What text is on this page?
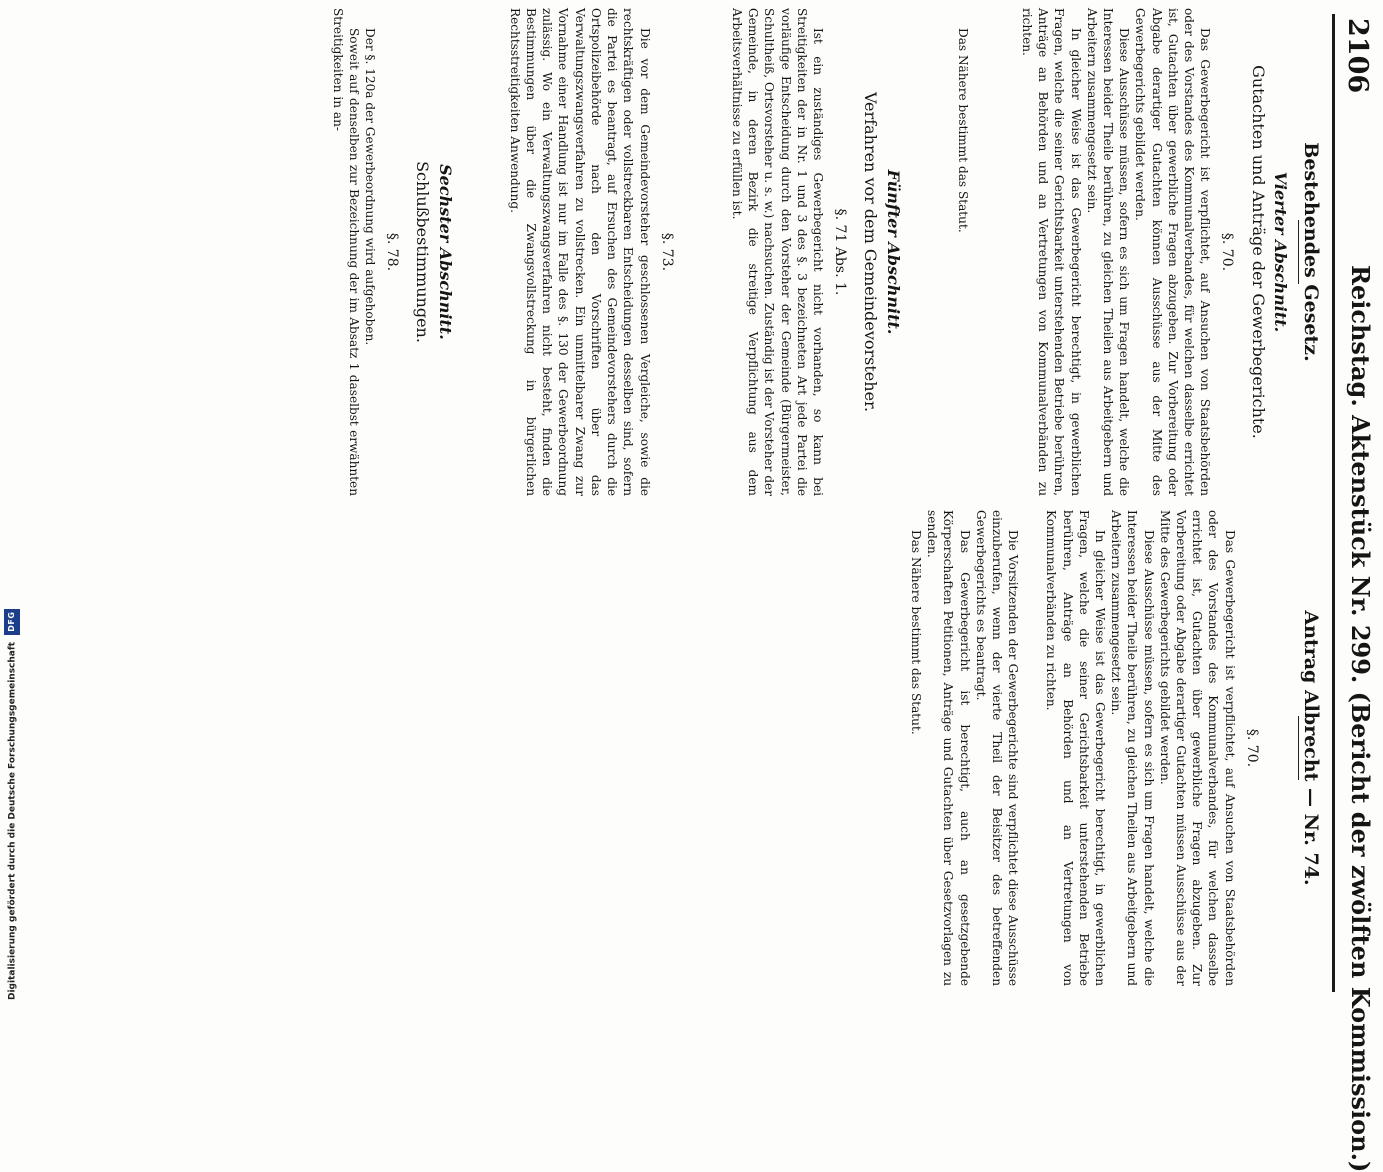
2106
Reichstag. Aktenstück Nr. 299. (Bericht der zwölften Kommission.)
Bestehendes Gesetz.
Vierter Abschnitt.
Gutachten und Anträge der Gewerbegerichte.
§. 70.

Das Gewerbegericht ist verpflichtet, auf Ansuchen von Staatsbehörden oder des Vorstandes des Kommunalverbandes, für welchen dasselbe errichtet ist, Gutachten über gewerbliche Fragen abzugeben. Zur Vorbereitung oder Abgabe derartiger Gutachten können Ausschüsse aus der Mitte des Gewerbegerichts gebildet werden.

Diese Ausschüsse müssen, sofern es sich um Fragen handelt, welche die Interessen beider Theile berühren, zu gleichen Theilen aus Arbeitgebern und Arbeitern zusammengesetzt sein.

In gleicher Weise ist das Gewerbegericht berechtigt, in gewerblichen Fragen, welche die seiner Gerichtsbarkeit unterstehenden Betriebe berühren, Anträge an Behörden und an Vertretungen von Kommunalverbänden zu richten.

Das Nähere bestimmt das Statut.

Fünfter Abschnitt.
Verfahren vor dem Gemeindevorsteher.
§. 71 Abs. 1.

Ist ein zuständiges Gewerbegericht nicht vorhanden, so kann bei Streitigkeiten der in Nr. 1 und 3 des §. 3 bezeichneten Art jede Partei die vorläufige Entscheidung durch den Vorsteher der Gemeinde (Bürgermeister, Schultheiß, Ortsvorsteher u. s. w.) nachsuchen. Zuständig ist der Vorsteher der Gemeinde, in deren Bezirk die streitige Verpflichtung aus dem Arbeitsverhältnisse zu erfüllen ist.

§. 73.

Die vor dem Gemeindevorsteher geschlossenen Vergleiche, sowie die rechtskräftigen oder vollstreckbaren Entscheidungen desselben sind, sofern die Partei es beantragt, auf Ersuchen des Gemeindevorstehers durch die Ortspolizeibehörde nach den Vorschriften über das Verwaltungszwangsverfahren zu vollstrecken. Ein unmittelbarer Zwang zur Vornahme einer Handlung ist nur im Falle des §. 130 der Gewerbeordnung zulässig. Wo ein Verwaltungszwangsverfahren nicht besteht, finden die Bestimmungen über die Zwangsvollstreckung in bürgerlichen Rechtsstreitigkeiten Anwendung.

Sechster Abschnitt.
Schlußbestimmungen.
§. 78.

Der §. 120a der Gewerbeordnung wird aufgehoben.

Soweit auf denselben zur Bezeichnung der im Absatz 1 daselbst erwähnten Streitigkeiten in an-

Antrag Albrecht — Nr. 74.
§. 70.

Das Gewerbegericht ist verpflichtet, auf Ansuchen von Staatsbehörden oder des Vorstandes des Kommunalverbandes, für welchen dasselbe errichtet ist, Gutachten über gewerbliche Fragen abzugeben. Zur Vorbereitung oder Abgabe derartiger Gutachten müssen Ausschüsse aus der Mitte des Gewerbegerichts gebildet werden.

Diese Ausschüsse müssen, sofern es sich um Fragen handelt, welche die Interessen beider Theile berühren, zu gleichen Theilen aus Arbeitgebern und Arbeitern zusammengesetzt sein.

In gleicher Weise ist das Gewerbegericht berechtigt, in gewerblichen Fragen, welche die seiner Gerichtsbarkeit unterstehenden Betriebe berühren, Anträge an Behörden und an Vertretungen von Kommunalverbänden zu richten.

Die Vorsitzenden der Gewerbegerichte sind verpflichtet diese Ausschüsse einzuberufen, wenn der vierte Theil der Beisitzer des betreffenden Gewerbegerichts es beantragt.

Das Gewerbegericht ist berechtigt, auch an gesetzgebende Körperschaften Petitionen, Anträge und Gutachten über Gesetzvorlagen zu senden.

Das Nähere bestimmt das Statut.

Digitalisierung gefördert durch die Deutsche Forschungsgemeinschaft DFG
